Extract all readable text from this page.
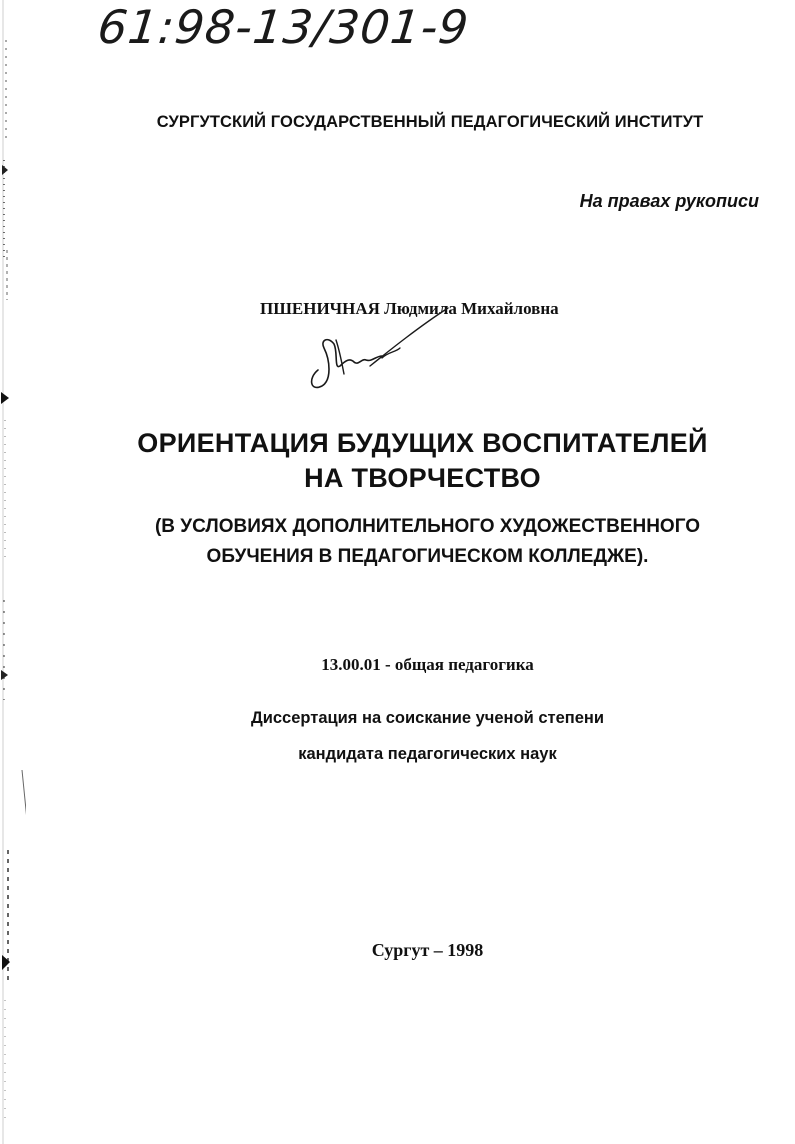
61:98-13/301-9
СУРГУТСКИЙ ГОСУДАРСТВЕННЫЙ ПЕДАГОГИЧЕСКИЙ ИНСТИТУТ
На правах рукописи
ПШЕНИЧНАЯ Людмила Михайловна
ОРИЕНТАЦИЯ БУДУЩИХ ВОСПИТАТЕЛЕЙ
НА ТВОРЧЕСТВО
(В УСЛОВИЯХ ДОПОЛНИТЕЛЬНОГО ХУДОЖЕСТВЕННОГО
ОБУЧЕНИЯ В ПЕДАГОГИЧЕСКОМ КОЛЛЕДЖЕ).
13.00.01 - общая педагогика
Диссертация на соискание ученой степени
кандидата педагогических наук
Сургут – 1998
